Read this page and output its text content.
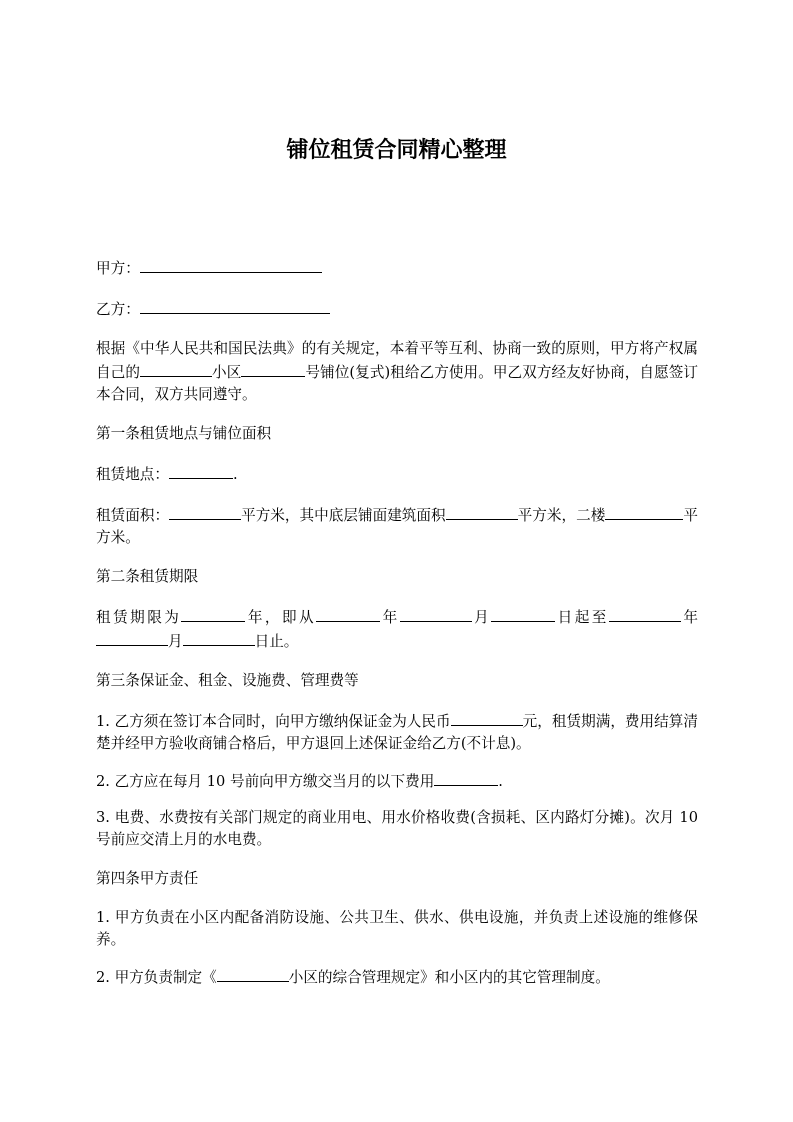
铺位租赁合同精心整理

甲方：

乙方：

根据《中华人民共和国民法典》的有关规定，本着平等互利、协商一致的原则，甲方将产权属自己的	小区	号铺位(复式)租给乙方使用。甲乙双方经友好协商，自愿签订本合同，双方共同遵守。

第一条租赁地点与铺位面积

租赁地点：	.

租赁面积：	平方米，其中底层铺面建筑面积	平方米，二楼	平方米。

第二条租赁期限

租赁期限为	年，即从	年	月	日起至	年月	日止。

第三条保证金、租金、设施费、管理费等

1. 乙方须在签订本合同时，向甲方缴纳保证金为人民币	元，租赁期满，费用结算清楚并经甲方验收商铺合格后，甲方退回上述保证金给乙方(不计息)。

2. 乙方应在每月 10 号前向甲方缴交当月的以下费用	.

3. 电费、水费按有关部门规定的商业用电、用水价格收费(含损耗、区内路灯分摊)。次月 10 号前应交清上月的水电费。

第四条甲方责任

1. 甲方负责在小区内配备消防设施、公共卫生、供水、供电设施，并负责上述设施的维修保养。

2. 甲方负责制定《	小区的综合管理规定》和小区内的其它管理制度。
